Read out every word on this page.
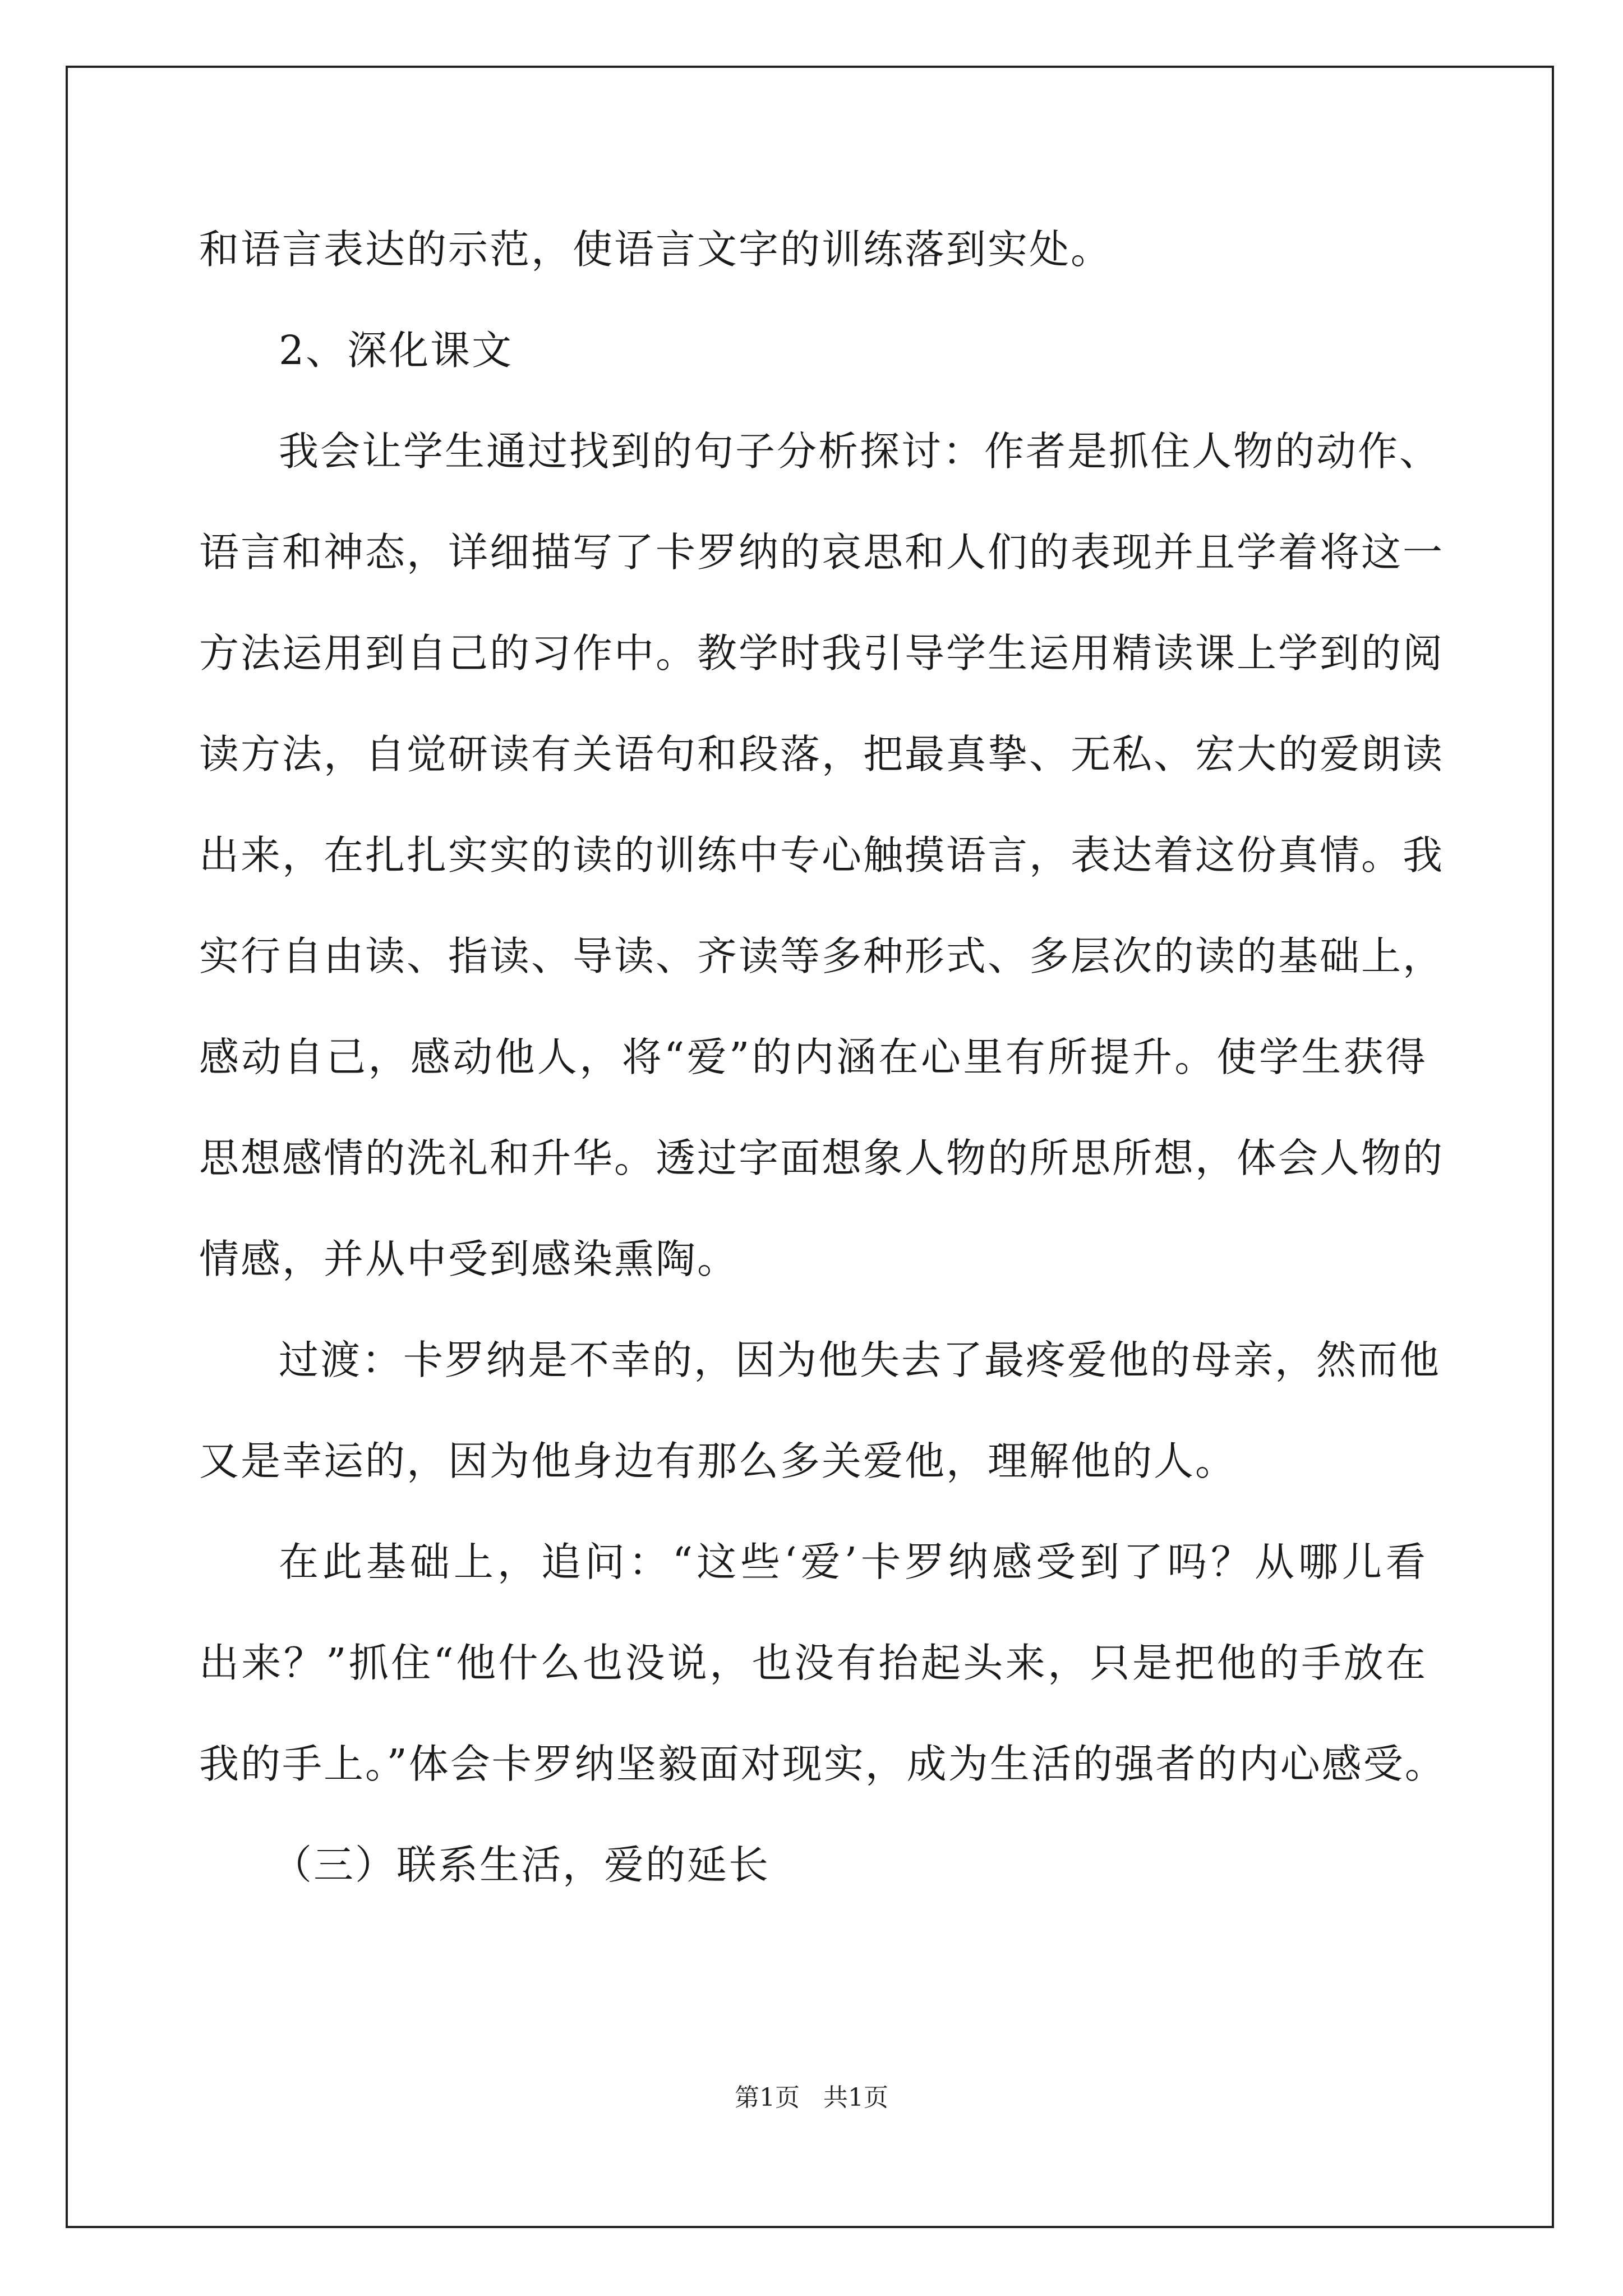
和语言表达的示范，使语言文字的训练落到实处。
2、深化课文
我会让学生通过找到的句子分析探讨：作者是抓住人物的动作、
语言和神态，详细描写了卡罗纳的哀思和人们的表现并且学着将这一
方法运用到自己的习作中。教学时我引导学生运用精读课上学到的阅
读方法，自觉研读有关语句和段落，把最真挚、无私、宏大的爱朗读
出来，在扎扎实实的读的训练中专心触摸语言，表达着这份真情。我
实行自由读、指读、导读、齐读等多种形式、多层次的读的基础上，
感动自己，感动他人，将“爱”的内涵在心里有所提升。使学生获得
思想感情的洗礼和升华。透过字面想象人物的所思所想，体会人物的
情感，并从中受到感染熏陶。
过渡：卡罗纳是不幸的，因为他失去了最疼爱他的母亲，然而他
又是幸运的，因为他身边有那么多关爱他，理解他的人。
在此基础上，追问：“这些‘爱’卡罗纳感受到了吗？从哪儿看
出来？”抓住“他什么也没说，也没有抬起头来，只是把他的手放在
我的手上。”体会卡罗纳坚毅面对现实，成为生活的强者的内心感受。
（三）联系生活，爱的延长
第1页 共1页
